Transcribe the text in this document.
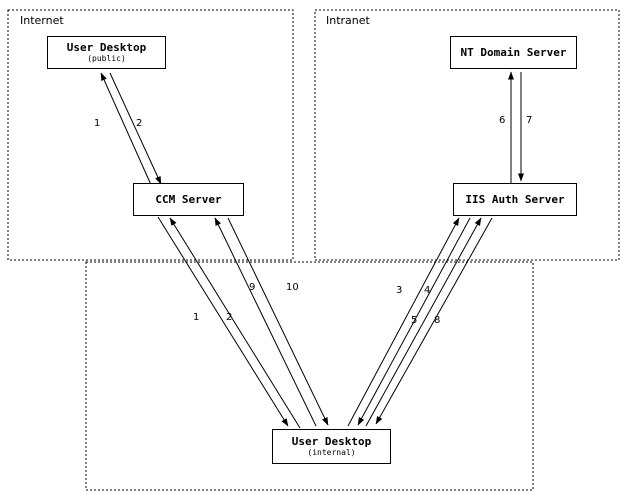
Internet	Intranet
User Desktop
(public)
CCM Server
NT Domain Server
IIS Auth Server
User Desktop
(internal)
1	2	6 7
9	10	3 4
1	2	5 8
